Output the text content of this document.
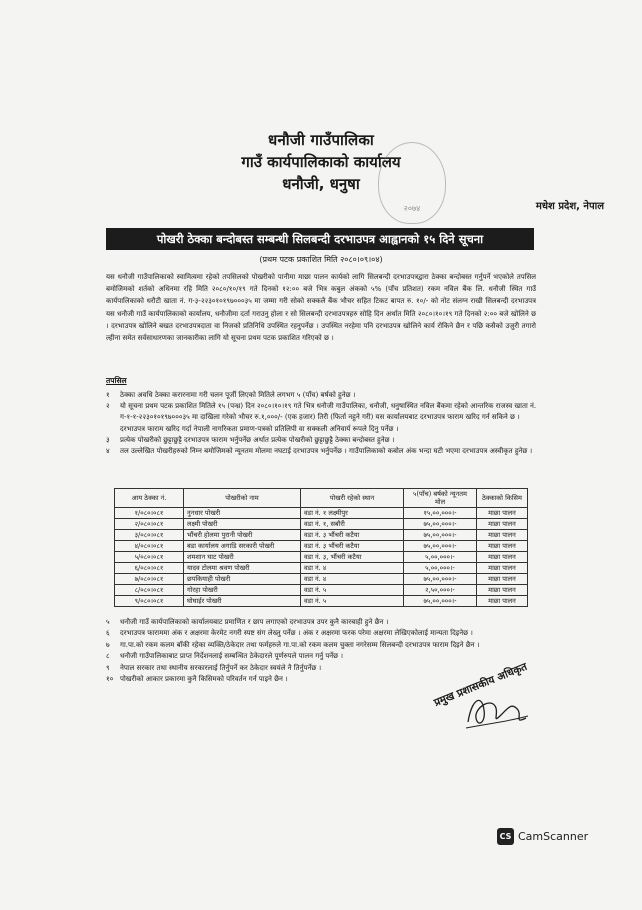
धनौजी गाउँपालिका
गाउँ कार्यपालिकाको कार्यालय
धनौजी, धनुषा
२०७४	मधेश प्रदेश, नेपाल
पोखरी ठेक्का बन्दोबस्त सम्बन्धी सिलबन्दी दरभाउपत्र आह्वानको १५ दिने सूचना
(प्रथम पटक प्रकाशित मिति २०८०।०९।०४)
यस धनौजी गाउँपालिकाको स्वामित्वमा रहेको तपसिलको पोखरीको पानीमा माछा पालन कार्यको लागि सिलबन्दी दरभाउपत्रद्वारा ठेक्का बन्दोबस्त गर्नुपर्ने भएकोले तपसिल बमोजिमको शर्तको अधिनमा रहि मिति २०८०/१०/१९ गते दिनको १२:०० बजे भित्र कबुल अंकको ५% (पाँच प्रतिशत) रकम नविल बैंक लि. धनौजी स्थित गाउँ कार्यपालिकाको धरौटी खाता नं. ग-३-२२३०१०१९७०००३५ मा जम्मा गरी सोको सक्कलै बैंक भौचर सहित टिकट बापत रु. १०/- को नोट संलग्न राखी सिलबन्दी दरभाउपत्र यस धनौजी गाउँ कार्यपालिकाको कार्यालय, धनौजीमा दर्ता गराउनु होला र सो सिलबन्दी दरभाउपत्रहरु सोहि दिन अर्थात मिति २०८०।१०।१९ गते दिनको २:०० बजे खोलिने छ । दरभाउपत्र खोलिने बखत दरभाउपत्रदाता वा निजको प्रतिनिधि उपस्थित रहनुपर्नेछ । उपस्थित नरहेमा पनि दरभाउपत्र खोलिने कार्य रोकिने छैन र पछि कसैको उजुरी तगारो ल्हीना समेत सर्वसाधारणका जानकारीका लागि यो सूचना प्रथम पटक प्रकाशित गरिएको छ ।
तपसिल
१	ठेक्का अवधि ठेक्का करारनामा गरी चलन पूर्जी लिएको मितिले लगभग ५ (पाँच) बर्षको हुनेछ ।
२	यो सूचना प्रथम पटक प्रकाशित मितिले १५ (पन्ध्र) दिन २०८०।१०।१९ गते भित्र धनौजी गाउँपालिका, धनौजी, धनुषास्थित नविल बैंकमा रहेको आन्तरिक राजस्व खाता नं. ग-१-१-२२३०१०१९७०००३५ मा दाखिला गरेको भौचर रु.१,०००/- (एक हजार) तिरी (फिर्ता नहुने गरी) यस कार्यालयबाट दरभाउपत्र फाराम खरिद गर्न सकिने छ । दरभाउपत्र फाराम खरिद गर्दा नेपाली नागरिकता प्रमाण-पत्रको प्रतिलिपी वा सक्कली अनिवार्य रूपले दिनु पर्नेछ ।
३	प्रत्येक पोखरीको छुट्टाछुट्टै दरभाउपत्र फाराम भर्नुपर्नेछ अर्थात प्रत्येक पोखरीको छुट्टाछुट्टै ठेक्का बन्दोबस्त हुनेछ ।
४	तल उल्लेखित पोखरीहरुको निम्न बमोजिमको न्यूनतम मोलमा नघटाई दरभाउपत्र भर्नुपर्नेछ । गाउँपालिकाको कबोल अंक भन्दा घटी भएमा दरभाउपत्र अस्वीकृत हुनेछ ।
आय ठेक्का नं.	पोखरीको नाम	पोखरी रहेको स्थान	५(पाँच) बर्षको न्यूनतम मोल	ठेक्काको किसिम
१/०८०।०८१	नुनधार पोखरी	वडा नं. १ लक्ष्मीपुर	१५,००,०००।-	माछा पालन
२/०८०।०८१	लक्ष्मी पोखरी	वडा नं. १, सबौरी	७५,००,०००।-	माछा पालन
३/०८०।०८१	भौंचरी होलमा पुरानी पोखरी	वडा नं. ३ भौंचरी कटैया	७५,००,०००।-	माछा पालन
४/०८०।०८१	बडा कार्यालय अगाडि सरकारी पोखरी	वडा नं. ३ भौंचरी कटैया	७५,००,०००।-	माछा पालन
५/०८०।०८१	शमशान घाट पोखरी	वडा नं. ३, भौंचरी कटैया	५,००,०००।-	माछा पालन
६/०८०।०८१	यादव टोलमा श्रवण पोखरी	वडा नं. ४	५,००,०००।-	माछा पालन
७/०८०।०८१	छपकियाही पोखरी	वडा नं. ४	७५,००,०००।-	माछा पालन
८/०८०।०८१	गोरहा पोखरी	वडा नं. ५	२,५०,०००।-	माछा पालन
९/०८०।०८१	घोघाईर पोखरी	वडा नं. ५	७५,००,०००।-	माछा पालन
५	धनौजी गाउँ कार्यपालिकाको कार्यालयबाट प्रमाणित र छाप लगाएको दरभाउपत्र उपर कुनै कारबाही हुने छैन ।
६	दरभाउपत्र फाराममा अंक र अक्षरमा केरमेट नगरी स्पष्ट संग लेख्नु पर्नेछ । अंक र अक्षरमा फरक परेमा अक्षरमा लेखिएकोलाई मान्यता दिइनेछ ।
७	गा.पा.को रकम कलम बाँकी रहेका व्यक्ति/ठेकेदार तथा फर्महरुले गा.पा.को रकम कलम चुक्ता नगरेसम्म सिलबन्दी दरभाउपत्र फाराम दिइने छैन ।
८	धनौजी गाउँपालिकाबाट प्राप्त निर्देशनलाई सम्बन्धित ठेकेदारले पूर्णरुपले पालन गर्नु पर्नेछ ।
९	नेपाल सरकार तथा स्थानीय सरकारलाई तिर्नुपर्ने कर ठेकेदार स्वयंले नै तिर्नुपर्नेछ ।
१० पोखरीको आकार प्रकारमा कुनै किसिमको परिवर्तन गर्न पाइने छैन ।	प्रमुख प्रशासकीय अधिकृत
CS CamScanner
